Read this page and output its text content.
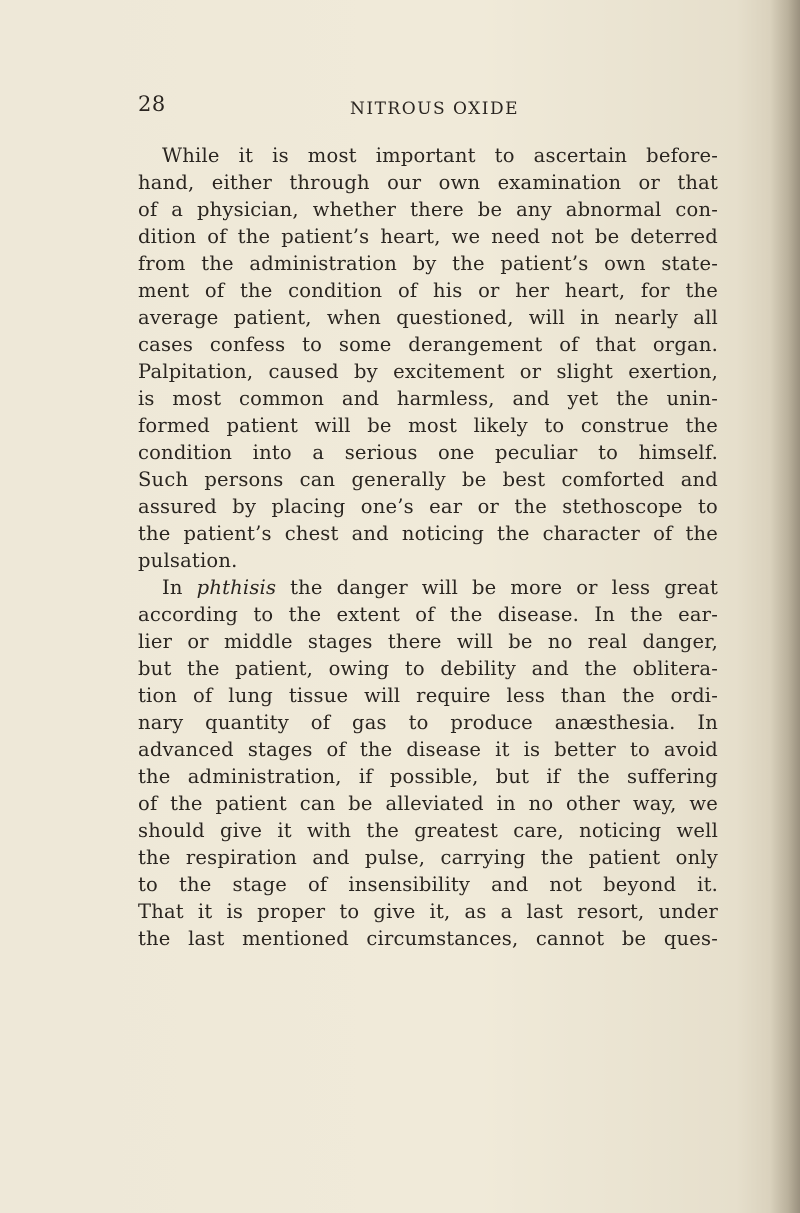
28	NITROUS OXIDE
While it is most important to ascertain before-
hand, either through our own examination or that
of a physician, whether there be any abnormal con-
dition of the patient’s heart, we need not be deterred
from the administration by the patient’s own state-
ment of the condition of his or her heart, for the
average patient, when questioned, will in nearly all
cases confess to some derangement of that organ.
Palpitation, caused by excitement or slight exertion,
is most common and harmless, and yet the unin-
formed patient will be most likely to construe the
condition into a serious one peculiar to himself.
Such persons can generally be best comforted and
assured by placing one’s ear or the stethoscope to
the patient’s chest and noticing the character of the
pulsation.
In phthisis the danger will be more or less great
according to the extent of the disease. In the ear-
lier or middle stages there will be no real danger,
but the patient, owing to debility and the oblitera-
tion of lung tissue will require less than the ordi-
nary quantity of gas to produce anæsthesia. In
advanced stages of the disease it is better to avoid
the administration, if possible, but if the suffering
of the patient can be alleviated in no other way, we
should give it with the greatest care, noticing well
the respiration and pulse, carrying the patient only
to the stage of insensibility and not beyond it.
That it is proper to give it, as a last resort, under
the last mentioned circumstances, cannot be ques-
